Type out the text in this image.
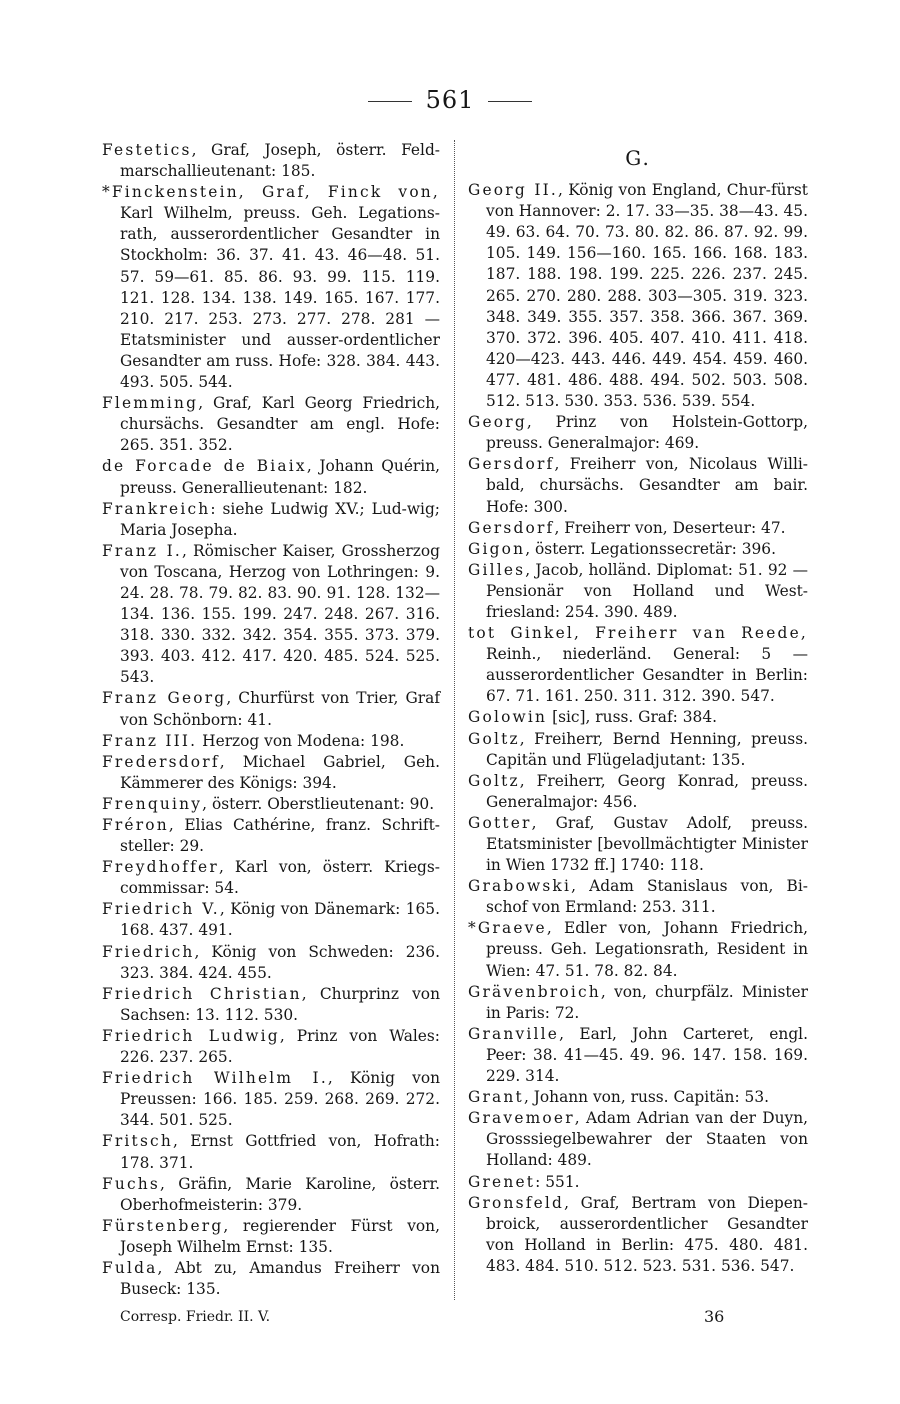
561
Festetics, Graf, Joseph, österr. Feld-marschallieutenant: 185.
*Finckenstein, Graf, Finck von, Karl Wilhelm, preuss. Geh. Legations-rath, ausserordentlicher Gesandter in Stockholm: 36. 37. 41. 43. 46—48. 51. 57. 59—61. 85. 86. 93. 99. 115. 119. 121. 128. 134. 138. 149. 165. 167. 177. 210. 217. 253. 273. 277. 278. 281 — Etatsminister und ausser-ordentlicher Gesandter am russ. Hofe: 328. 384. 443. 493. 505. 544.
Flemming, Graf, Karl Georg Friedrich, chursächs. Gesandter am engl. Hofe: 265. 351. 352.
de Forcade de Biaix, Johann Quérin, preuss. Generallieutenant: 182.
Frankreich: siehe Ludwig XV.; Lud-wig; Maria Josepha.
Franz I., Römischer Kaiser, Grossherzog von Toscana, Herzog von Lothringen: 9. 24. 28. 78. 79. 82. 83. 90. 91. 128. 132—134. 136. 155. 199. 247. 248. 267. 316. 318. 330. 332. 342. 354. 355. 373. 379. 393. 403. 412. 417. 420. 485. 524. 525. 543.
Franz Georg, Churfürst von Trier, Graf von Schönborn: 41.
Franz III. Herzog von Modena: 198.
Fredersdorf, Michael Gabriel, Geh. Kämmerer des Königs: 394.
Frenquiny, österr. Oberstlieutenant: 90.
Fréron, Elias Cathérine, franz. Schrift-steller: 29.
Freydhoffer, Karl von, österr. Kriegs-commissar: 54.
Friedrich V., König von Dänemark: 165. 168. 437. 491.
Friedrich, König von Schweden: 236. 323. 384. 424. 455.
Friedrich Christian, Churprinz von Sachsen: 13. 112. 530.
Friedrich Ludwig, Prinz von Wales: 226. 237. 265.
Friedrich Wilhelm I., König von Preussen: 166. 185. 259. 268. 269. 272. 344. 501. 525.
Fritsch, Ernst Gottfried von, Hofrath: 178. 371.
Fuchs, Gräfin, Marie Karoline, österr. Oberhofmeisterin: 379.
Fürstenberg, regierender Fürst von, Joseph Wilhelm Ernst: 135.
Fulda, Abt zu, Amandus Freiherr von Buseck: 135.
G.
Georg II., König von England, Chur-fürst von Hannover: 2. 17. 33—35. 38—43. 45. 49. 63. 64. 70. 73. 80. 82. 86. 87. 92. 99. 105. 149. 156—160. 165. 166. 168. 183. 187. 188. 198. 199. 225. 226. 237. 245. 265. 270. 280. 288. 303—305. 319. 323. 348. 349. 355. 357. 358. 366. 367. 369. 370. 372. 396. 405. 407. 410. 411. 418. 420—423. 443. 446. 449. 454. 459. 460. 477. 481. 486. 488. 494. 502. 503. 508. 512. 513. 530. 353. 536. 539. 554.
Georg, Prinz von Holstein-Gottorp, preuss. Generalmajor: 469.
Gersdorf, Freiherr von, Nicolaus Willi-bald, chursächs. Gesandter am bair. Hofe: 300.
Gersdorf, Freiherr von, Deserteur: 47.
Gigon, österr. Legationssecretär: 396.
Gilles, Jacob, holländ. Diplomat: 51. 92 — Pensionär von Holland und West-friesland: 254. 390. 489.
tot Ginkel, Freiherr van Reede, Reinh., niederländ. General: 5 — ausserordentlicher Gesandter in Berlin: 67. 71. 161. 250. 311. 312. 390. 547.
Golowin [sic], russ. Graf: 384.
Goltz, Freiherr, Bernd Henning, preuss. Capitän und Flügeladjutant: 135.
Goltz, Freiherr, Georg Konrad, preuss. Generalmajor: 456.
Gotter, Graf, Gustav Adolf, preuss. Etatsminister [bevollmächtigter Minister in Wien 1732 ff.] 1740: 118.
Grabowski, Adam Stanislaus von, Bi-schof von Ermland: 253. 311.
*Graeve, Edler von, Johann Friedrich, preuss. Geh. Legationsrath, Resident in Wien: 47. 51. 78. 82. 84.
Grävenbroich, von, churpfälz. Minister in Paris: 72.
Granville, Earl, John Carteret, engl. Peer: 38. 41—45. 49. 96. 147. 158. 169. 229. 314.
Grant, Johann von, russ. Capitän: 53.
Gravemoer, Adam Adrian van der Duyn, Grosssiegelbewahrer der Staaten von Holland: 489.
Grenet: 551.
Gronsfeld, Graf, Bertram von Diepen-broick, ausserordentlicher Gesandter von Holland in Berlin: 475. 480. 481. 483. 484. 510. 512. 523. 531. 536. 547.
Corresp. Friedr. II. V.	36
